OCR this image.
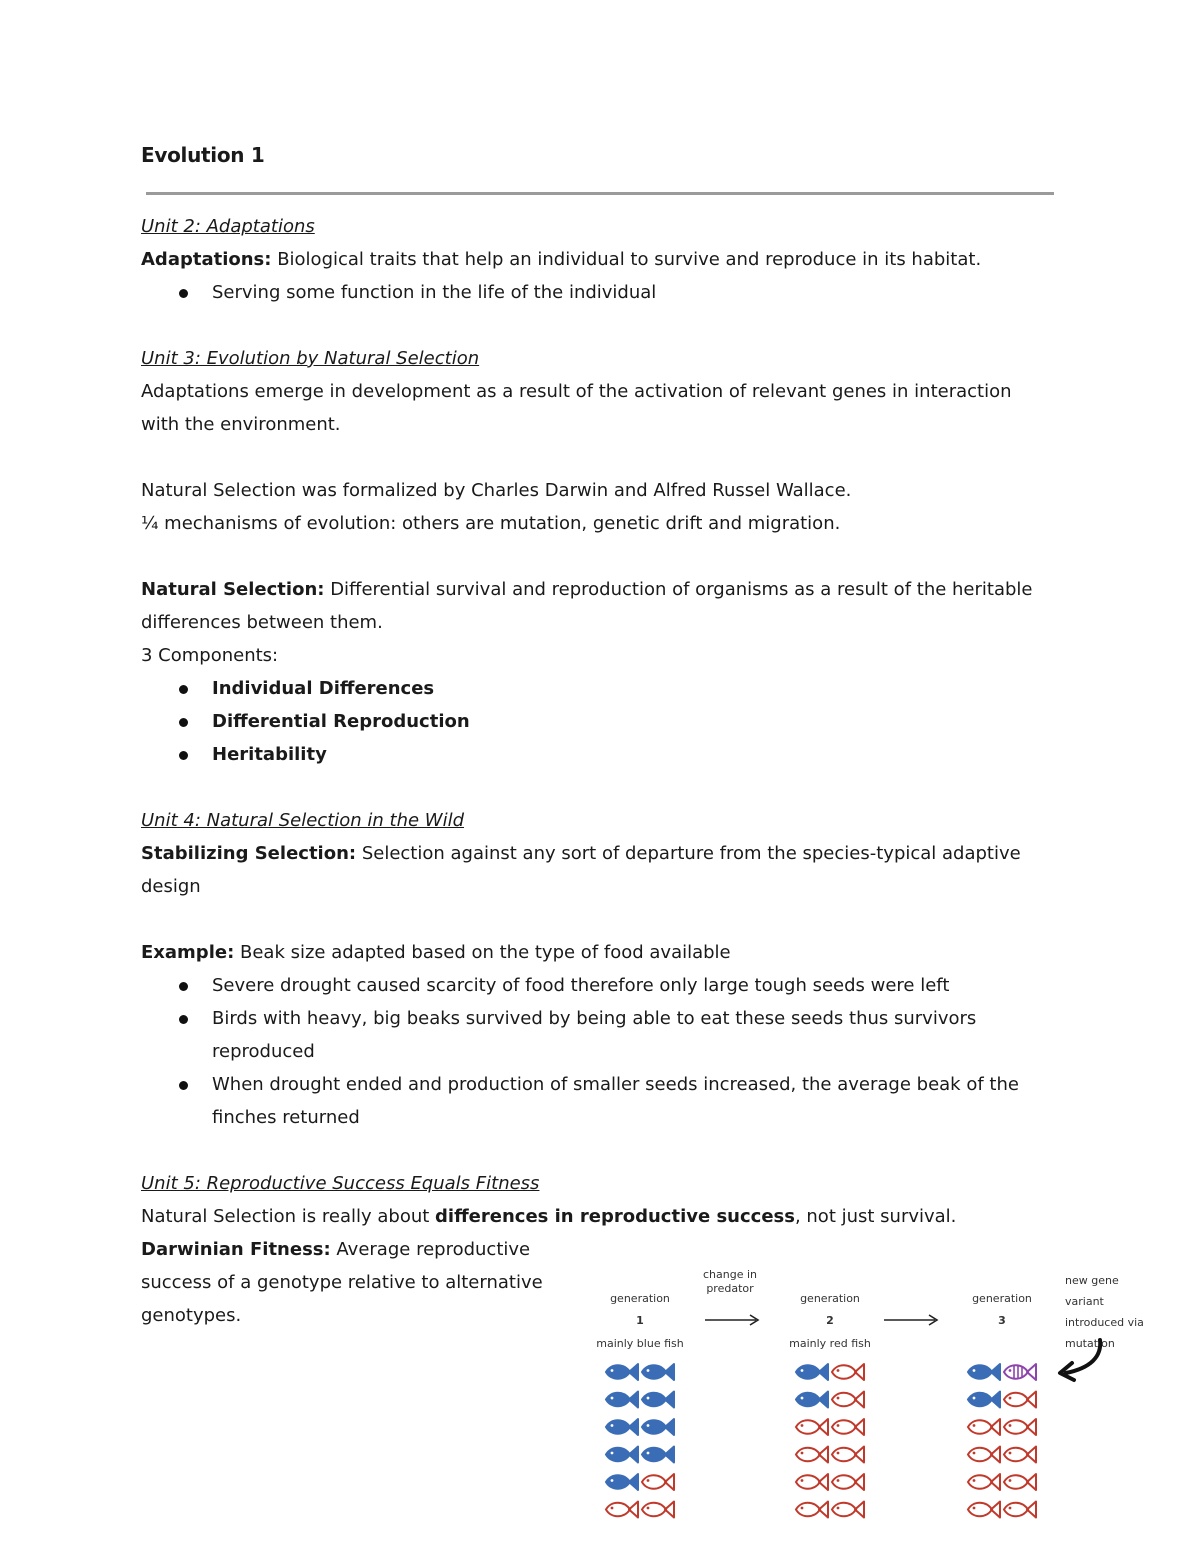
Evolution 1

Unit 2: Adaptations

Adaptations: Biological traits that help an individual to survive and reproduce in its habitat.

Serving some function in the life of the individual

Unit 3: Evolution by Natural Selection

Adaptations emerge in development as a result of the activation of relevant genes in interaction with the environment.

Natural Selection was formalized by Charles Darwin and Alfred Russel Wallace.

¼ mechanisms of evolution: others are mutation, genetic drift and migration.

Natural Selection: Differential survival and reproduction of organisms as a result of the heritable differences between them.

3 Components:

Individual Differences
Differential Reproduction
Heritability

Unit 4: Natural Selection in the Wild

Stabilizing Selection: Selection against any sort of departure from the species-typical adaptive design

Example: Beak size adapted based on the type of food available

Severe drought caused scarcity of food therefore only large tough seeds were left
Birds with heavy, big beaks survived by being able to eat these seeds thus survivors reproduced
When drought ended and production of smaller seeds increased, the average beak of the finches returned

Unit 5: Reproductive Success Equals Fitness

Natural Selection is really about differences in reproductive success, not just survival.

Darwinian Fitness: Average reproductive success of a genotype relative to alternative genotypes.

generation
1
mainly blue fish
change in predator
generation
2
mainly red fish
generation
3
new gene variant introduced via mutation
